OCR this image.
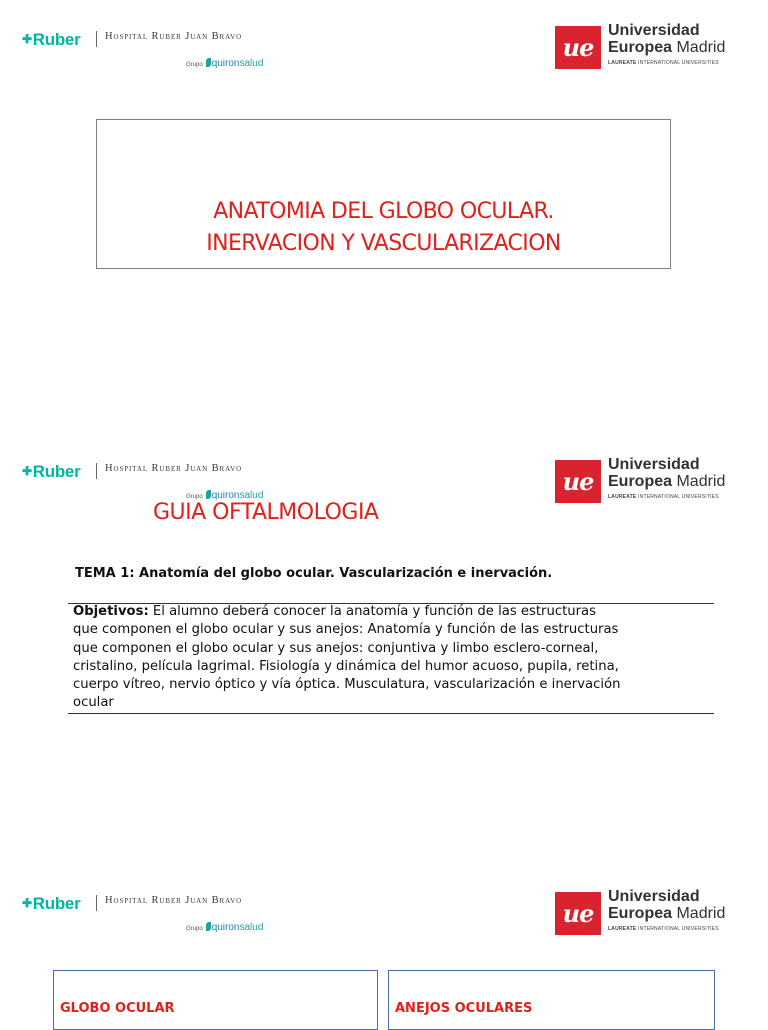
✚Ruber Hospital Ruber Juan Bravo
Grupo quironsalud
ue
Universidad
Europea Madrid
LAUREATE INTERNATIONAL UNIVERSITIES
ANATOMIA DEL GLOBO OCULAR.
INERVACION Y VASCULARIZACION
✚Ruber Hospital Ruber Juan Bravo
Grupo quironsalud	ue
Universidad
Europea Madrid
LAUREATE INTERNATIONAL UNIVERSITIES
GUIA OFTALMOLOGIA
TEMA 1: Anatomía del globo ocular. Vascularización e inervación.
Objetivos: El alumno deberá conocer la anatomía y función de las estructuras
que componen el globo ocular y sus anejos: Anatomía y función de las estructuras
que componen el globo ocular y sus anejos: conjuntiva y limbo esclero-corneal,
cristalino, película lagrimal. Fisiología y dinámica del humor acuoso, pupila, retina,
cuerpo vítreo, nervio óptico y vía óptica. Musculatura, vascularización e inervación
ocular
✚Ruber Hospital Ruber Juan Bravo
Grupo quironsalud	ue
Universidad
Europea Madrid
LAUREATE INTERNATIONAL UNIVERSITIES
GLOBO OCULAR	ANEJOS OCULARES
